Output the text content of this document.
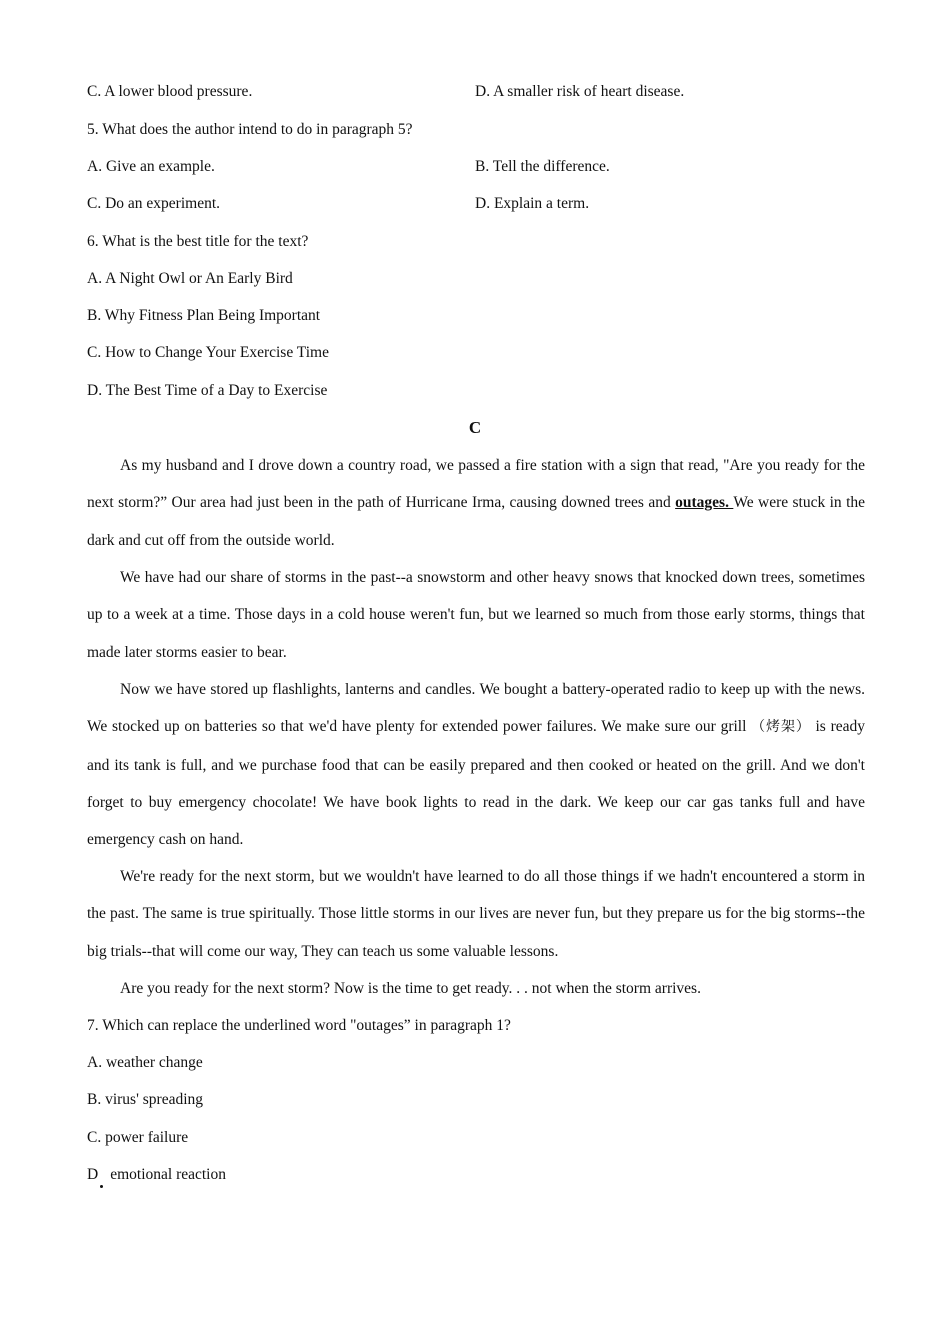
C. A lower blood pressure.	D. A smaller risk of heart disease.
5. What does the author intend to do in paragraph 5?
A. Give an example.	B. Tell the difference.
C. Do an experiment.	D. Explain a term.
6. What is the best title for the text?
A. A Night Owl or An Early Bird
B. Why Fitness Plan Being Important
C. How to Change Your Exercise Time
D. The Best Time of a Day to Exercise
C
As my husband and I drove down a country road, we passed a fire station with a sign that read, "Are you ready for the next storm?” Our area had just been in the path of Hurricane Irma, causing downed trees and outages. We were stuck in the dark and cut off from the outside world.
We have had our share of storms in the past--a snowstorm and other heavy snows that knocked down trees, sometimes up to a week at a time. Those days in a cold house weren't fun, but we learned so much from those early storms, things that made later storms easier to bear.
Now we have stored up flashlights, lanterns and candles. We bought a battery-operated radio to keep up with the news. We stocked up on batteries so that we'd have plenty for extended power failures. We make sure our grill （烤架） is ready and its tank is full, and we purchase food that can be easily prepared and then cooked or heated on the grill. And we don't forget to buy emergency chocolate! We have book lights to read in the dark. We keep our car gas tanks full and have emergency cash on hand.
We're ready for the next storm, but we wouldn't have learned to do all those things if we hadn't encountered a storm in the past. The same is true spiritually. Those little storms in our lives are never fun, but they prepare us for the big storms--the big trials--that will come our way, They can teach us some valuable lessons.
Are you ready for the next storm? Now is the time to get ready. . . not when the storm arrives.
7. Which can replace the underlined word "outages” in paragraph 1?
A. weather change
B. virus' spreading
C. power failure
D emotional reaction
